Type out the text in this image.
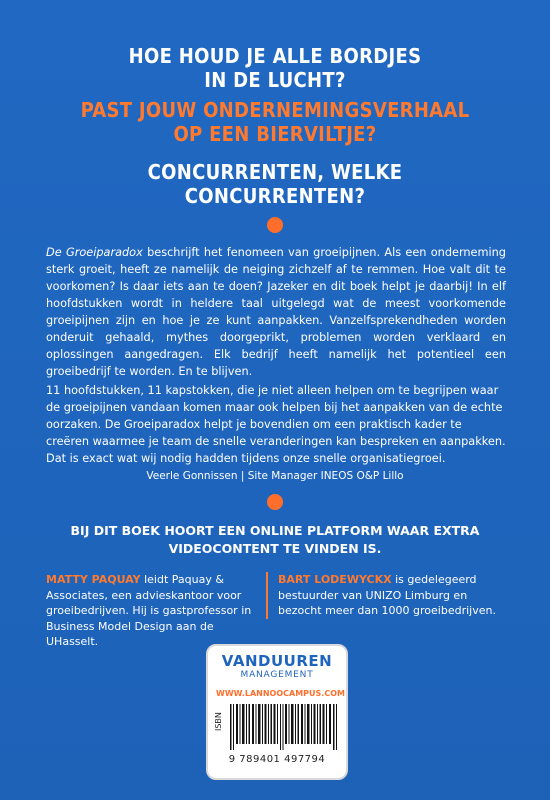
HOE HOUD JE ALLE BORDJES
IN DE LUCHT?
PAST JOUW ONDERNEMINGSVERHAAL
OP EEN BIERVILTJE?
CONCURRENTEN, WELKE
CONCURRENTEN?
De Groeiparadox beschrijft het fenomeen van groeipijnen. Als een onderneming sterk groeit, heeft ze namelijk de neiging zichzelf af te remmen. Hoe valt dit te voorkomen? Is daar iets aan te doen? Jazeker en dit boek helpt je daarbij! In elf hoofdstukken wordt in heldere taal uitgelegd wat de meest voorkomende groeipijnen zijn en hoe je ze kunt aanpakken. Vanzelfsprekendheden worden onderuit gehaald, mythes doorgeprikt, problemen worden verklaard en oplossingen aangedragen. Elk bedrijf heeft namelijk het potentieel een groeibedrijf te worden. En te blijven.
11 hoofdstukken, 11 kapstokken, die je niet alleen helpen om te begrijpen waar de groeipijnen vandaan komen maar ook helpen bij het aanpakken van de echte oorzaken. De Groeiparadox helpt je bovendien om een praktisch kader te creëren waarmee je team de snelle veranderingen kan bespreken en aanpakken. Dat is exact wat wij nodig hadden tijdens onze snelle organisatiegroei.
Veerle Gonnissen | Site Manager INEOS O&P Lillo
BIJ DIT BOEK HOORT EEN ONLINE PLATFORM WAAR EXTRA
VIDEOCONTENT TE VINDEN IS.
MATTY PAQUAY leidt Paquay & Associates, een advieskantoor voor groeibedrijven. Hij is gastprofessor in Business Model Design aan de UHasselt.
BART LODEWYCKX is gedelegeerd bestuurder van UNIZO Limburg en bezocht meer dan 1000 groeibedrijven.
VANDUUREN
MANAGEMENT
WWW.LANNOOCAMPUS.COM
ISBN
9 789401 497794
